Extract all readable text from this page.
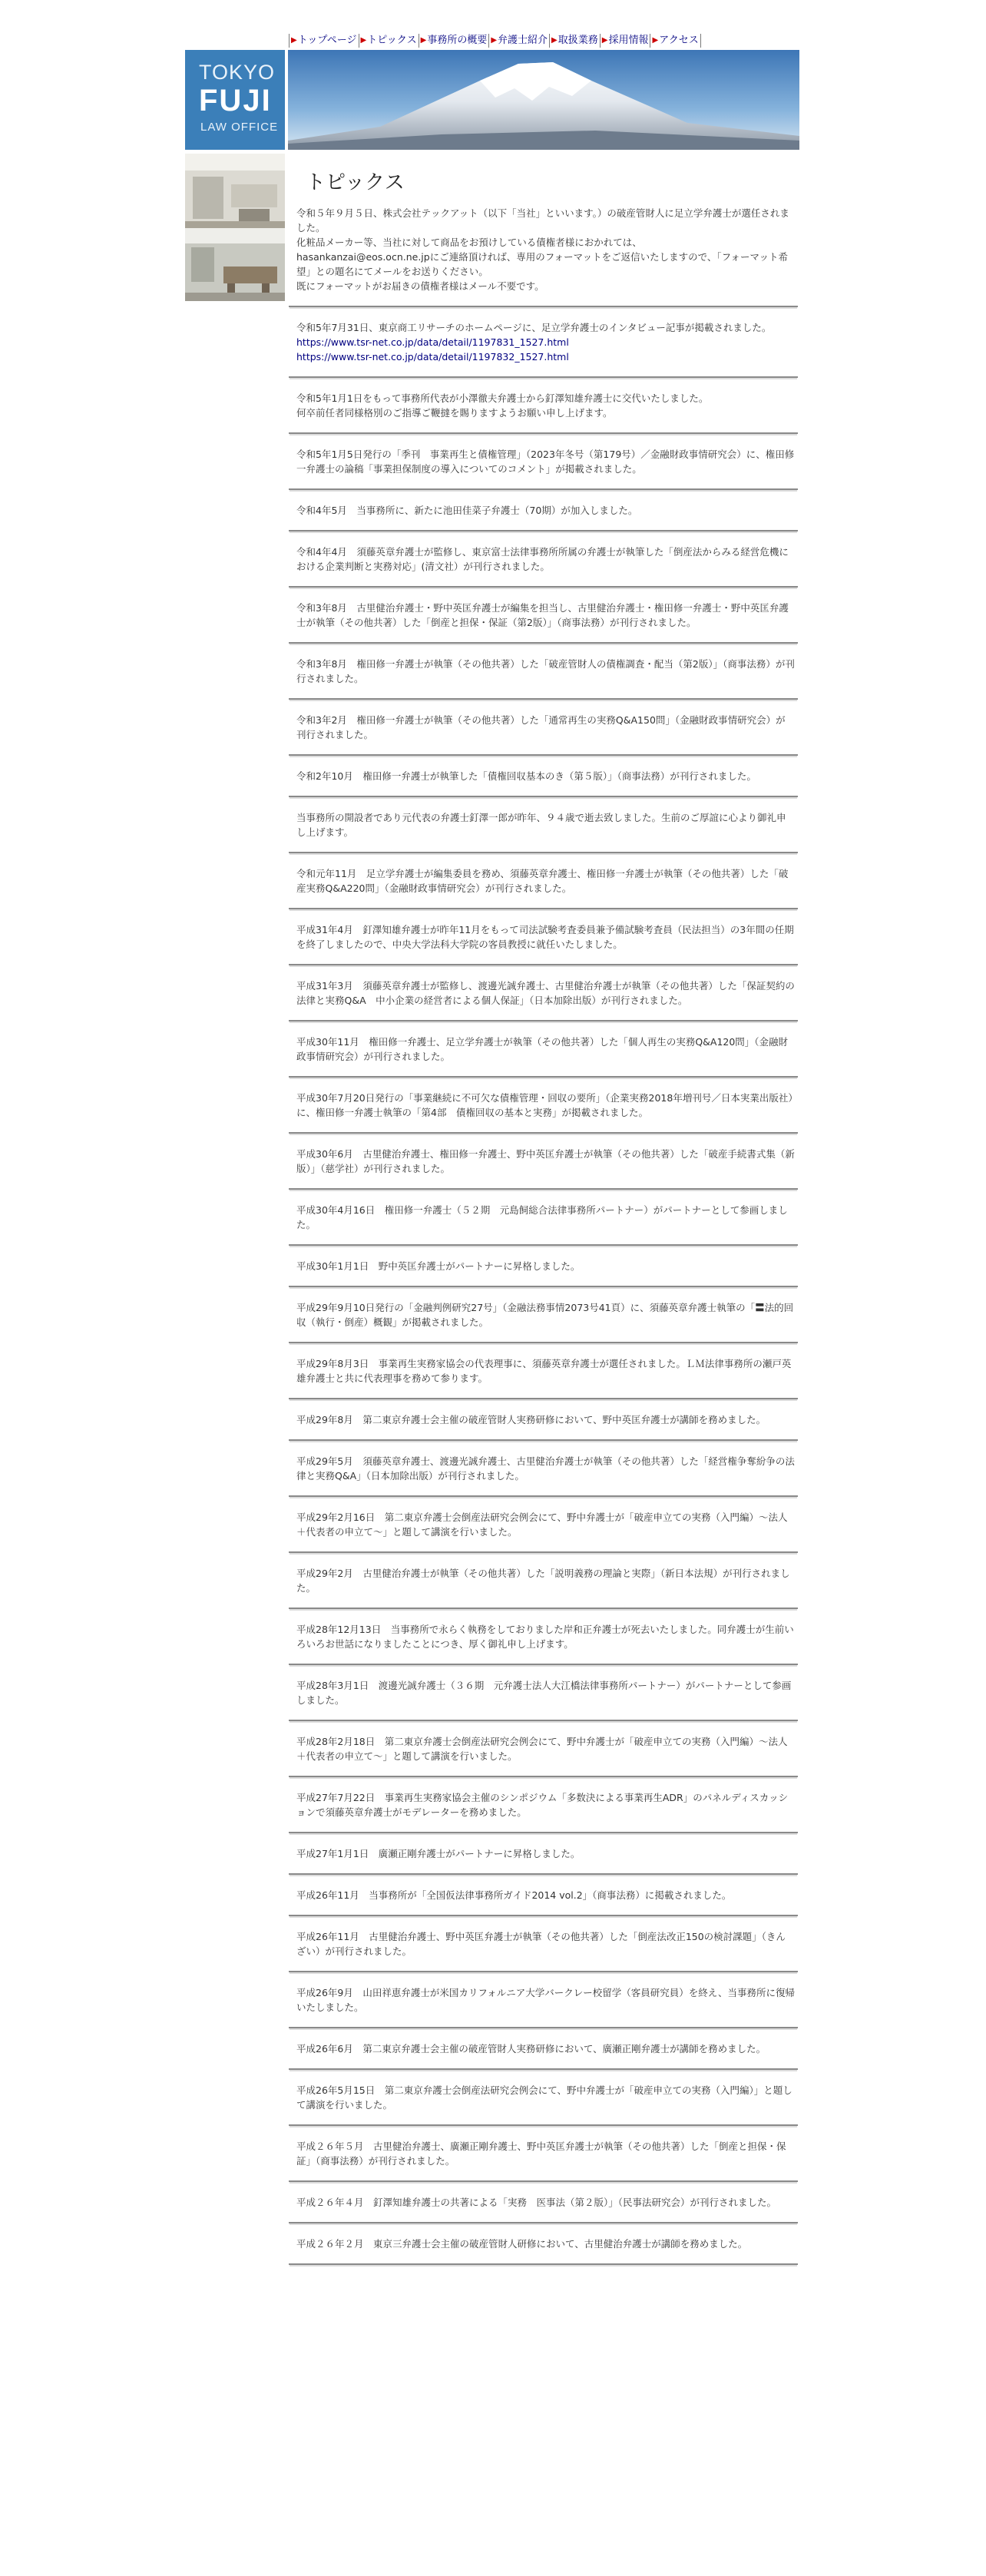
▶ トップページ ▶ トピックス ▶ 事務所の概要 ▶ 弁護士紹介 ▶ 取扱業務 ▶ 採用情報 ▶ アクセス
TOKYO
FUJI
LAW OFFICE
トピックス
令和５年９月５日、株式会社テックアット（以下「当社」といいます。）の破産管財人に足立学弁護士が選任されました。
化粧品メーカー等、当社に対して商品をお預けしている債権者様におかれては、
hasankanzai@eos.ocn.ne.jpにご連絡頂ければ、専用のフォーマットをご返信いたしますので、「フォーマット希望」との題名にてメールをお送りください。
既にフォーマットがお届きの債権者様はメール不要です。
令和5年7月31日、東京商工リサーチのホームページに、足立学弁護士のインタビュー記事が掲載されました。
https://www.tsr-net.co.jp/data/detail/1197831_1527.html
https://www.tsr-net.co.jp/data/detail/1197832_1527.html
令和5年1月1日をもって事務所代表が小澤徹夫弁護士から釘澤知雄弁護士に交代いたしました。
何卒前任者同様格別のご指導ご鞭撻を賜りますようお願い申し上げます。
令和5年1月5日発行の「季刊　事業再生と債権管理」（2023年冬号（第179号）／金融財政事情研究会）に、権田修一弁護士の論稿「事業担保制度の導入についてのコメント」が掲載されました。
令和4年5月　当事務所に、新たに池田佳菜子弁護士（70期）が加入しました。
令和4年4月　須藤英章弁護士が監修し、東京富士法律事務所所属の弁護士が執筆した「倒産法からみる経営危機における企業判断と実務対応」(清文社）が刊行されました。
令和3年8月　古里健治弁護士・野中英匡弁護士が編集を担当し、古里健治弁護士・権田修一弁護士・野中英匡弁護士が執筆（その他共著）した「倒産と担保・保証（第2版）」（商事法務）が刊行されました。
令和3年8月　権田修一弁護士が執筆（その他共著）した「破産管財人の債権調査・配当（第2版）」（商事法務）が刊行されました。
令和3年2月　権田修一弁護士が執筆（その他共著）した「通常再生の実務Q&A150問」（金融財政事情研究会）が刊行されました。
令和2年10月　権田修一弁護士が執筆した「債権回収基本のき（第５版）」（商事法務）が刊行されました。
当事務所の開設者であり元代表の弁護士釘澤一郎が昨年、９４歳で逝去致しました。生前のご厚誼に心より御礼申し上げます。
令和元年11月　足立学弁護士が編集委員を務め、須藤英章弁護士、権田修一弁護士が執筆（その他共著）した「破産実務Q&A220問」（金融財政事情研究会）が刊行されました。
平成31年4月　釘澤知雄弁護士が昨年11月をもって司法試験考査委員兼予備試験考査員（民法担当）の3年間の任期を終了しましたので、中央大学法科大学院の客員教授に就任いたしました。
平成31年3月　須藤英章弁護士が監修し、渡邊光誠弁護士、古里健治弁護士が執筆（その他共著）した「保証契約の法律と実務Q&A　中小企業の経営者による個人保証」（日本加除出版）が刊行されました。
平成30年11月　権田修一弁護士、足立学弁護士が執筆（その他共著）した「個人再生の実務Q&A120問」（金融財政事情研究会）が刊行されました。
平成30年7月20日発行の「事業継続に不可欠な債権管理・回収の要所」（企業実務2018年増刊号／日本実業出版社）に、権田修一弁護士執筆の「第4部　債権回収の基本と実務」が掲載されました。
平成30年6月　古里健治弁護士、権田修一弁護士、野中英匡弁護士が執筆（その他共著）した「破産手続書式集（新版）」（慈学社）が刊行されました。
平成30年4月16日　権田修一弁護士（５２期　元島飼総合法律事務所パートナー）がパートナーとして参画しました。
平成30年1月1日　野中英匡弁護士がパートナーに昇格しました。
平成29年9月10日発行の「金融判例研究27号」（金融法務事情2073号41頁）に、須藤英章弁護士執筆の「〓法的回収（執行・倒産）概観」が掲載されました。
平成29年8月3日　事業再生実務家協会の代表理事に、須藤英章弁護士が選任されました。ＬＭ法律事務所の瀬戸英雄弁護士と共に代表理事を務めて参ります。
平成29年8月　第二東京弁護士会主催の破産管財人実務研修において、野中英匡弁護士が講師を務めました。
平成29年5月　須藤英章弁護士、渡邊光誠弁護士、古里健治弁護士が執筆（その他共著）した「経営権争奪紛争の法律と実務Q&A」（日本加除出版）が刊行されました。
平成29年2月16日　第二東京弁護士会倒産法研究会例会にて、野中弁護士が「破産申立ての実務（入門編）～法人＋代表者の申立て～」と題して講演を行いました。
平成29年2月　古里健治弁護士が執筆（その他共著）した「説明義務の理論と実際」（新日本法規）が刊行されました。
平成28年12月13日　当事務所で永らく執務をしておりました岸和正弁護士が死去いたしました。同弁護士が生前いろいろお世話になりましたことにつき、厚く御礼申し上げます。
平成28年3月1日　渡邊光誠弁護士（３６期　元弁護士法人大江橋法律事務所パートナー）がパートナーとして参画しました。
平成28年2月18日　第二東京弁護士会倒産法研究会例会にて、野中弁護士が「破産申立ての実務（入門編）～法人＋代表者の申立て～」と題して講演を行いました。
平成27年7月22日　事業再生実務家協会主催のシンポジウム「多数決による事業再生ADR」のパネルディスカッションで須藤英章弁護士がモデレーターを務めました。
平成27年1月1日　廣瀬正剛弁護士がパートナーに昇格しました。
平成26年11月　当事務所が「全国仮法律事務所ガイド2014 vol.2」（商事法務）に掲載されました。
平成26年11月　古里健治弁護士、野中英匡弁護士が執筆（その他共著）した「倒産法改正150の検討課題」（きんざい）が刊行されました。
平成26年9月　山田祥恵弁護士が米国カリフォルニア大学バークレー校留学（客員研究員）を終え、当事務所に復帰いたしました。
平成26年6月　第二東京弁護士会主催の破産管財人実務研修において、廣瀬正剛弁護士が講師を務めました。
平成26年5月15日　第二東京弁護士会倒産法研究会例会にて、野中弁護士が「破産申立ての実務（入門編）」と題して講演を行いました。
平成２６年５月　古里健治弁護士、廣瀬正剛弁護士、野中英匡弁護士が執筆（その他共著）した「倒産と担保・保証」（商事法務）が刊行されました。
平成２６年４月　釘澤知雄弁護士の共著による「実務　医事法（第２版）」（民事法研究会）が刊行されました。
平成２６年２月　東京三弁護士会主催の破産管財人研修において、古里健治弁護士が講師を務めました。
